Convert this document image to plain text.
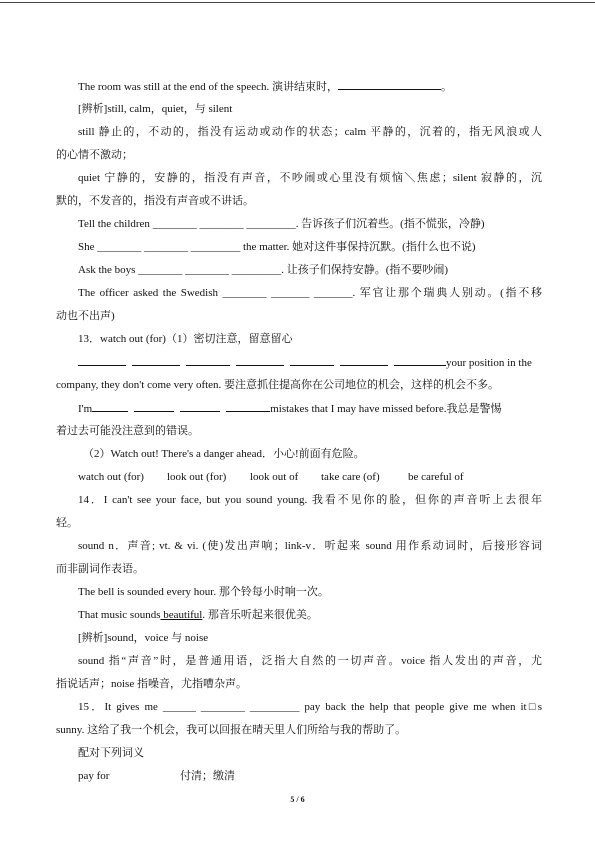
The room was still at the end of the speech. 演讲结束时，	。
[辨析]still, calm，quiet，与 silent
still 静止的，不动的，指没有运动或动作的状态；calm 平静的，沉着的，指无风浪或人
的心情不激动；
quiet 宁静的，安静的，指没有声音，不吵闹或心里没有烦恼＼焦虑；silent 寂静的，沉
默的，不发音的，指没有声音或不讲话。
Tell the children ________ ________ _________. 告诉孩子们沉着些。(指不慌张，冷静)
She ________ ________ _________ the matter. 她对这件事保持沉默。(指什么也不说)
Ask the boys ________ ________ _________. 让孩子们保持安静。(指不要吵闹)
The officer asked the Swedish ________ _______ _______. 军官让那个瑞典人别动。(指不移
动也不出声)
13．watch out (for)（1）密切注意，留意留心
your position in the
company, they don't come very often. 要注意抓住提高你在公司地位的机会，这样的机会不多。
I'm	mistakes that I may have missed before.我总是警惕
着过去可能没注意到的错误。
（2）Watch out! There's a danger ahead．小心!前面有危险。
watch out (for) look out (for) look out of take care (of)	be careful of
14．I can't see your face, but you sound young. 我看不见你的脸，但你的声音听上去很年
轻。
sound n．声音; vt. & vi. (使)发出声响；link-v．听起来 sound 用作系动词时，后接形容词
而非副词作表语。
The bell is sounded every hour. 那个铃每小时响一次。
That music sounds beautiful. 那音乐听起来很优美。
[辨析]sound，voice 与 noise
sound 指“声音”时，是普通用语，泛指大自然的一切声音。voice 指人发出的声音，尤
指说话声；noise 指噪音，尤指嘈杂声。
15．It gives me ______ ________ _________ pay back the help that people give me when it□s
sunny. 这给了我一个机会，我可以回报在晴天里人们所给与我的帮助了。
配对下列词义
pay for	付清；缴清
5 / 6
